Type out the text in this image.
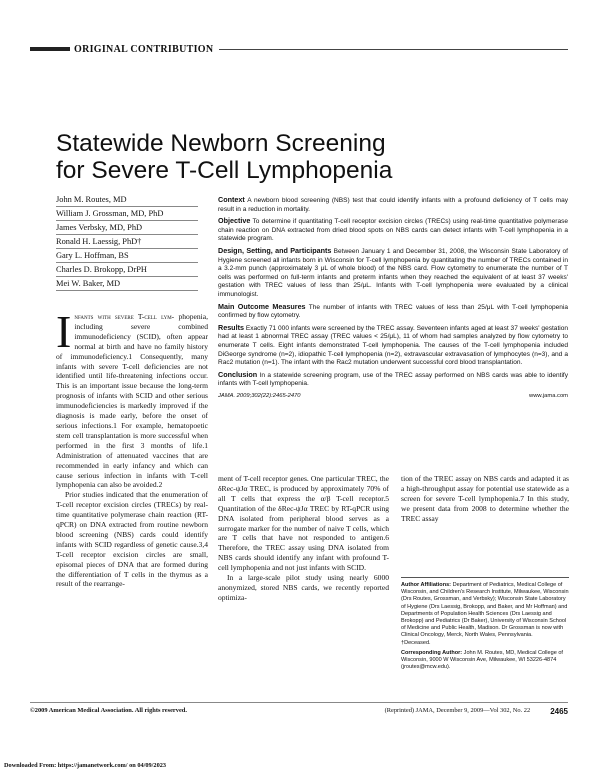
ORIGINAL CONTRIBUTION
Statewide Newborn Screening
for Severe T-Cell Lymphopenia
John M. Routes, MD
William J. Grossman, MD, PhD
James Verbsky, MD, PhD
Ronald H. Laessig, PhD†
Gary L. Hoffman, BS
Charles D. Brokopp, DrPH
Mei W. Baker, MD

Context A newborn blood screening (NBS) test that could identify infants with a profound deficiency of T cells may result in a reduction in mortality.

Objective To determine if quantitating T-cell receptor excision circles (TRECs) using real-time quantitative polymerase chain reaction on DNA extracted from dried blood spots on NBS cards can detect infants with T-cell lymphopenia in a statewide program.

Design, Setting, and Participants Between January 1 and December 31, 2008, the Wisconsin State Laboratory of Hygiene screened all infants born in Wisconsin for T-cell lymphopenia by quantitating the number of TRECs contained in a 3.2-mm punch (approximately 3 μL of whole blood) of the NBS card. Flow cytometry to enumerate the number of T cells was performed on full-term infants and preterm infants when they reached the equivalent of at least 37 weeks' gestation with TREC values of less than 25/μL. Infants with T-cell lymphopenia were evaluated by a clinical immunologist.

Main Outcome Measures The number of infants with TREC values of less than 25/μL with T-cell lymphopenia confirmed by flow cytometry.

Results Exactly 71 000 infants were screened by the TREC assay. Seventeen infants aged at least 37 weeks' gestation had at least 1 abnormal TREC assay (TREC values < 25/μL), 11 of whom had samples analyzed by flow cytometry to enumerate T cells. Eight infants demonstrated T-cell lymphopenia. The causes of the T-cell lymphopenia included DiGeorge syndrome (n=2), idiopathic T-cell lymphopenia (n=2), extravascular extravasation of lymphocytes (n=3), and a Rac2 mutation (n=1). The infant with the Rac2 mutation underwent successful cord blood transplantation.

Conclusion In a statewide screening program, use of the TREC assay performed on NBS cards was able to identify infants with T-cell lymphopenia.

JAMA. 2009;302(22):2465-2470	www.jama.com

Infants with severe T-cell lym- phopenia, including severe combined immunodeficiency (SCID), often appear normal at birth and have no family history of immunodeficiency.1 Consequently, many infants with severe T-cell deficiencies are not identified until life-threatening infections occur. This is an important issue because the long-term prognosis of infants with SCID and other serious immunodeficiencies is markedly improved if the diagnosis is made early, before the onset of serious infections.1 For example, hematopoetic stem cell transplantation is more successful when performed in the first 3 months of life.1 Administration of attenuated vaccines that are recommended in early infancy and which can cause serious infection in infants with T-cell lymphopenia can also be avoided.2

Prior studies indicated that the enumeration of T-cell receptor excision circles (TRECs) by real-time quantitative polymerase chain reaction (RT-qPCR) on DNA extracted from routine newborn blood screening (NBS) cards could identify infants with SCID regardless of genetic cause.3,4 T-cell receptor excision circles are small, episomal pieces of DNA that are formed during the differentiation of T cells in the thymus as a result of the rearrange-

ment of T-cell receptor genes. One particular TREC, the δRec-ψJα TREC, is produced by approximately 70% of all T cells that express the α/β T-cell receptor.5 Quantitation of the δRec-ψJα TREC by RT-qPCR using DNA isolated from peripheral blood serves as a surrogate marker for the number of naive T cells, which are T cells that have not responded to antigen.6 Therefore, the TREC assay using DNA isolated from NBS cards should identify any infant with profound T-cell lymphopenia and not just infants with SCID.

In a large-scale pilot study using nearly 6000 anonymized, stored NBS cards, we recently reported optimiza-

tion of the TREC assay on NBS cards and adapted it as a high-throughput assay for potential use statewide as a screen for severe T-cell lymphopenia.7 In this study, we present data from 2008 to determine whether the TREC assay

Author Affiliations: Department of Pediatrics, Medical College of Wisconsin, and Children's Research Institute, Milwaukee, Wisconsin (Drs Routes, Grossman, and Verbsky); Wisconsin State Laboratory of Hygiene (Drs Laessig, Brokopp, and Baker, and Mr Hoffman) and Departments of Population Health Sciences (Drs Laessig and Brokopp) and Pediatrics (Dr Baker), University of Wisconsin School of Medicine and Public Health, Madison. Dr Grossman is now with Clinical Oncology, Merck, North Wales, Pennsylvania.
†Deceased.

Corresponding Author: John M. Routes, MD, Medical College of Wisconsin, 9000 W Wisconsin Ave, Milwaukee, WI 53226-4874 (jroutes@mcw.edu).

©2009 American Medical Association. All rights reserved.	(Reprinted) JAMA, December 9, 2009—Vol 302, No. 22	2465
Downloaded From: https://jamanetwork.com/ on 04/09/2023
